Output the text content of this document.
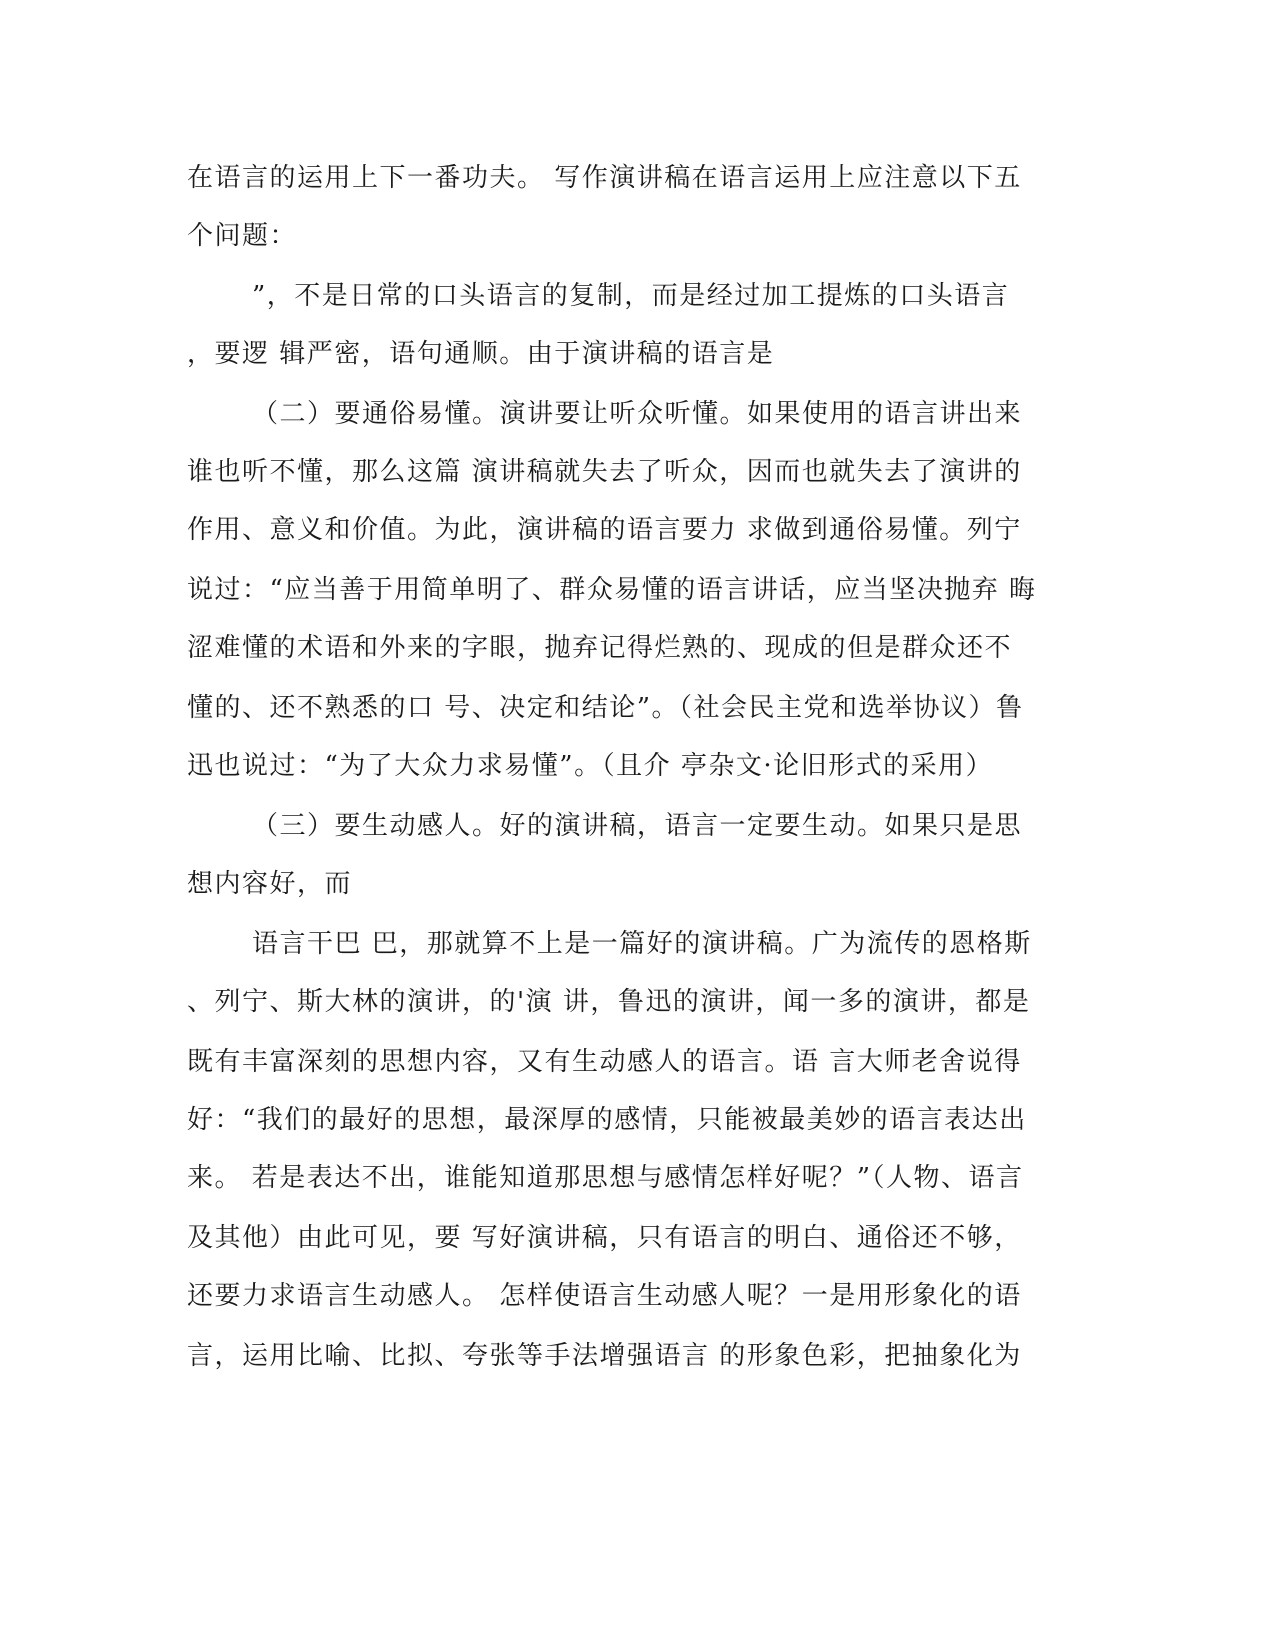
在语言的运用上下一番功夫。 写作演讲稿在语言运用上应注意以下五
个问题：
”，不是日常的口头语言的复制，而是经过加工提炼的口头语言
，要逻 辑严密，语句通顺。由于演讲稿的语言是
（二）要通俗易懂。演讲要让听众听懂。如果使用的语言讲出来
谁也听不懂，那么这篇 演讲稿就失去了听众，因而也就失去了演讲的
作用、意义和价值。为此，演讲稿的语言要力 求做到通俗易懂。列宁
说过：“应当善于用简单明了、群众易懂的语言讲话，应当坚决抛弃 晦
涩难懂的术语和外来的字眼，抛弃记得烂熟的、现成的但是群众还不
懂的、还不熟悉的口 号、决定和结论”。（社会民主党和选举协议）鲁
迅也说过：“为了大众力求易懂”。（且介 亭杂文·论旧形式的采用）
（三）要生动感人。好的演讲稿，语言一定要生动。如果只是思
想内容好，而
语言干巴 巴，那就算不上是一篇好的演讲稿。广为流传的恩格斯
、列宁、斯大林的演讲，的'演 讲，鲁迅的演讲，闻一多的演讲，都是
既有丰富深刻的思想内容，又有生动感人的语言。语 言大师老舍说得
好：“我们的最好的思想，最深厚的感情，只能被最美妙的语言表达出
来。 若是表达不出，谁能知道那思想与感情怎样好呢？”（人物、语言
及其他）由此可见，要 写好演讲稿，只有语言的明白、通俗还不够，
还要力求语言生动感人。 怎样使语言生动感人呢？一是用形象化的语
言，运用比喻、比拟、夸张等手法增强语言 的形象色彩，把抽象化为
